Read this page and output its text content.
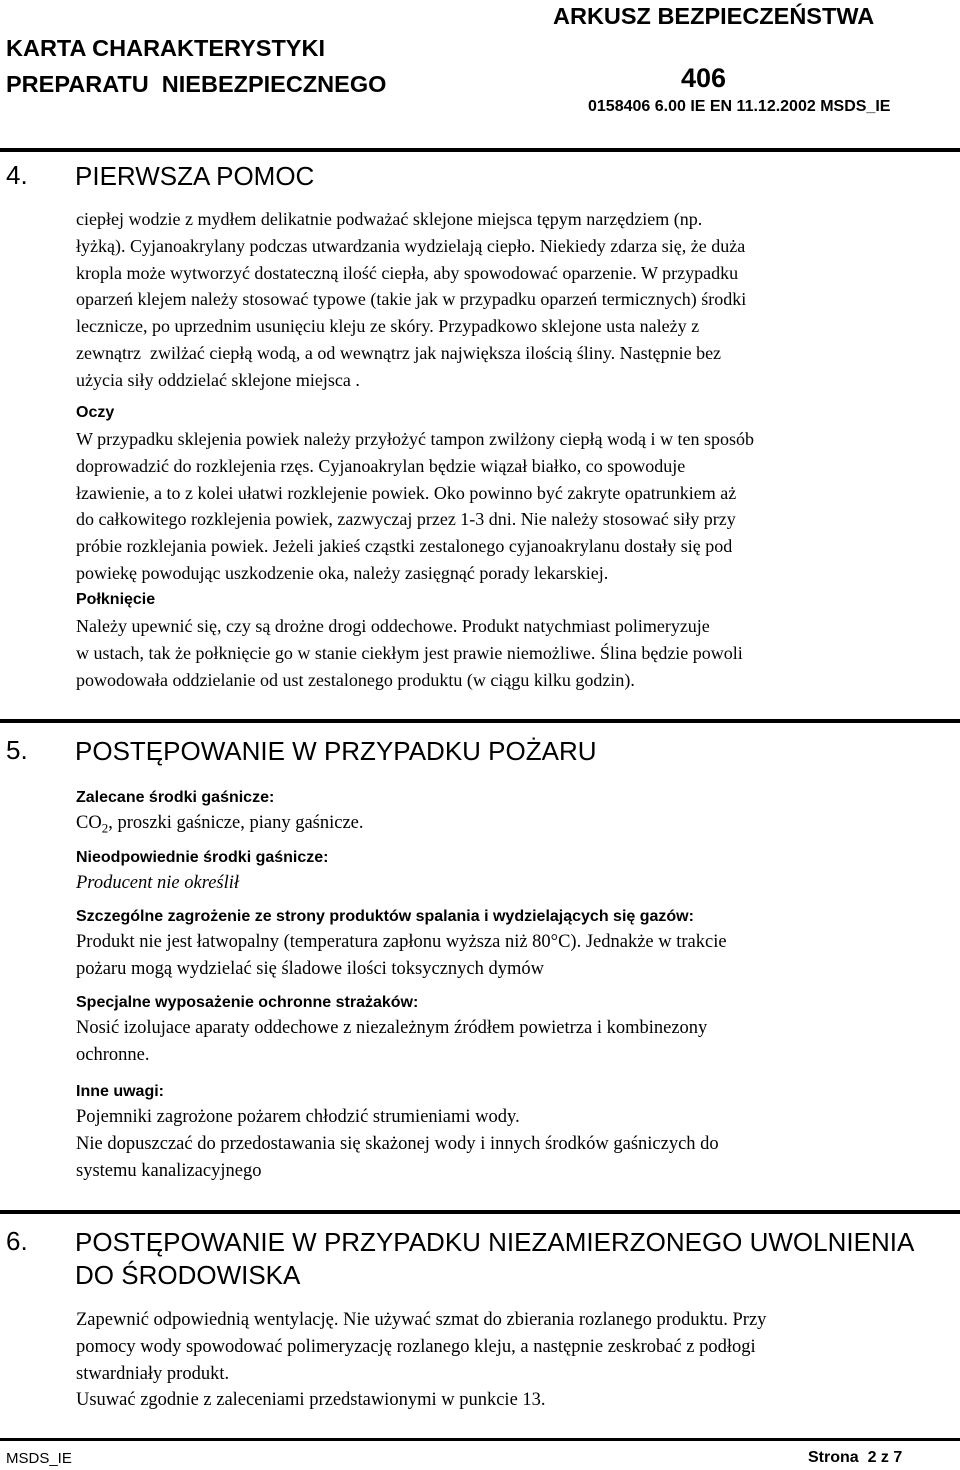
KARTA CHARAKTERYSTYKI
PREPARATU  NIEBEZPIECZNEGO
ARKUSZ BEZPIECZEŃSTWA
406
0158406 6.00 IE EN 11.12.2002 MSDS_IE
4. PIERWSZA POMOC
ciepłej wodzie z mydłem delikatnie podważać sklejone miejsca tępym narzędziem (np.
łyżką). Cyjanoakrylany podczas utwardzania wydzielają ciepło. Niekiedy zdarza się, że duża
kropla może wytworzyć dostateczną ilość ciepła, aby spowodować oparzenie. W przypadku
oparzeń klejem należy stosować typowe (takie jak w przypadku oparzeń termicznych) środki
lecznicze, po uprzednim usunięciu kleju ze skóry. Przypadkowo sklejone usta należy z
zewnątrz  zwilżać ciepłą wodą, a od wewnątrz jak największa ilością śliny. Następnie bez
użycia siły oddzielać sklejone miejsca .
Oczy
W przypadku sklejenia powiek należy przyłożyć tampon zwilżony ciepłą wodą i w ten sposób
doprowadzić do rozklejenia rzęs. Cyjanoakrylan będzie wiązał białko, co spowoduje
łzawienie, a to z kolei ułatwi rozklejenie powiek. Oko powinno być zakryte opatrunkiem aż
do całkowitego rozklejenia powiek, zazwyczaj przez 1-3 dni. Nie należy stosować siły przy
próbie rozklejania powiek. Jeżeli jakieś cząstki zestalonego cyjanoakrylanu dostały się pod
powiekę powodując uszkodzenie oka, należy zasięgnąć porady lekarskiej.
Połknięcie
Należy upewnić się, czy są drożne drogi oddechowe. Produkt natychmiast polimeryzuje
w ustach, tak że połknięcie go w stanie ciekłym jest prawie niemożliwe. Ślina będzie powoli
powodowała oddzielanie od ust zestalonego produktu (w ciągu kilku godzin).
5. POSTĘPOWANIE W PRZYPADKU POŻARU
Zalecane środki gaśnicze:
$CO_2$, proszki gaśnicze, piany gaśnicze.
Nieodpowiednie środki gaśnicze:
Producent nie określił
Szczególne zagrożenie ze strony produktów spalania i wydzielających się gazów:
Produkt nie jest łatwopalny (temperatura zapłonu wyższa niż 80°C). Jednakże w trakcie
pożaru mogą wydzielać się śladowe ilości toksycznych dymów
Specjalne wyposażenie ochronne strażaków:
Nosić izolujace aparaty oddechowe z niezależnym źródłem powietrza i kombinezony
ochronne.
Inne uwagi:
Pojemniki zagrożone pożarem chłodzić strumieniami wody.
Nie dopuszczać do przedostawania się skażonej wody i innych środków gaśniczych do
systemu kanalizacyjnego
6. POSTĘPOWANIE W PRZYPADKU NIEZAMIERZONEGO UWOLNIENIA
DO ŚRODOWISKA
Zapewnić odpowiednią wentylację. Nie używać szmat do zbierania rozlanego produktu. Przy
pomocy wody spowodować polimeryzację rozlanego kleju, a następnie zeskrobać z podłogi
stwardniały produkt.
Usuwać zgodnie z zaleceniami przedstawionymi w punkcie 13.
MSDS_IE	Strona  2 z 7
